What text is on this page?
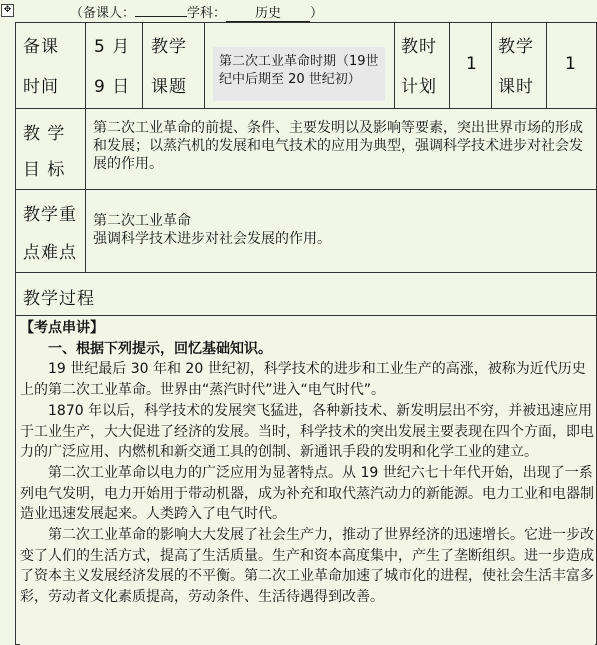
✥	（备课人：	学科： 历史 ）
备课
时间
5 月
9 日
教学
课题
第二次工业革命时期（19世纪中后期至 20 世纪初）
教时
计划
1
教学
课时
1
教 学
目 标
第二次工业革命的前提、条件、主要发明以及影响等要素，突出世界市场的形成和发展；以蒸汽机的发展和电气技术的应用为典型，强调科学技术进步对社会发展的作用。
教学重
点难点
第二次工业革命
强调科学技术进步对社会发展的作用。
教学过程

【考点串讲】

一、根据下列提示，回忆基础知识。

19 世纪最后 30 年和 20 世纪初，科学技术的进步和工业生产的高涨，被称为近代历史上的第二次工业革命。世界由“蒸汽时代”进入“电气时代”。

1870 年以后，科学技术的发展突飞猛进，各种新技术、新发明层出不穷，并被迅速应用于工业生产，大大促进了经济的发展。当时，科学技术的突出发展主要表现在四个方面，即电力的广泛应用、内燃机和新交通工具的创制、新通讯手段的发明和化学工业的建立。

第二次工业革命以电力的广泛应用为显著特点。从 19 世纪六七十年代开始，出现了一系列电气发明，电力开始用于带动机器，成为补充和取代蒸汽动力的新能源。电力工业和电器制造业迅速发展起来。人类跨入了电气时代。

第二次工业革命的影响大大发展了社会生产力，推动了世界经济的迅速增长。它进一步改变了人们的生活方式，提高了生活质量。生产和资本高度集中，产生了垄断组织。进一步造成了资本主义发展经济发展的不平衡。第二次工业革命加速了城市化的进程，使社会生活丰富多彩，劳动者文化素质提高，劳动条件、生活待遇得到改善。
